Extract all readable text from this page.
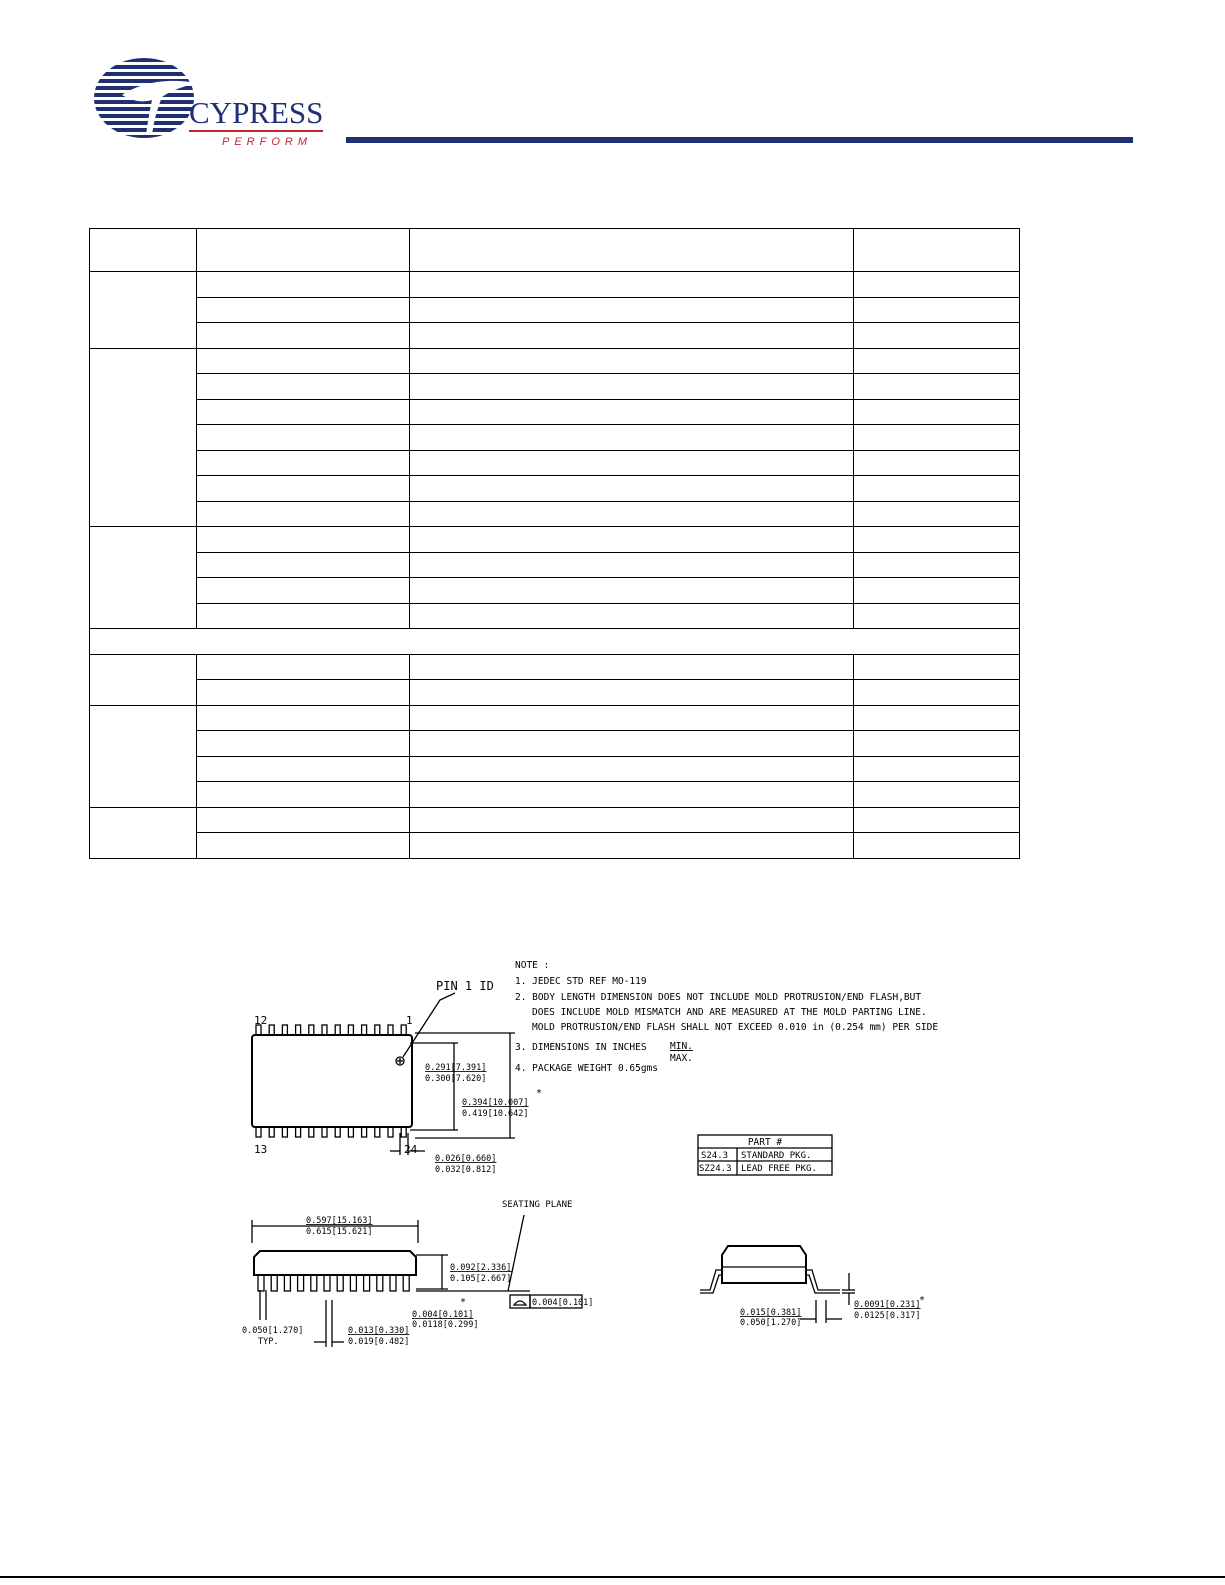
CYPRESS
PERFORM

PIN 1 ID
12	1
13	24
0.291[7.391]
0.300[7.620]
0.394[10.007]
0.419[10.642]
*
0.026[0.660]
0.032[0.812]
NOTE :
1. JEDEC STD REF MO-119
2. BODY LENGTH DIMENSION DOES NOT INCLUDE MOLD PROTRUSION/END FLASH,BUT
DOES INCLUDE MOLD MISMATCH AND ARE MEASURED AT THE MOLD PARTING LINE.
MOLD PROTRUSION/END FLASH SHALL NOT EXCEED 0.010 in (0.254 mm) PER SIDE
3. DIMENSIONS IN INCHES MIN.
MAX.
4. PACKAGE WEIGHT 0.65gms
PART #
S24.3 STANDARD PKG.
SZ24.3 LEAD FREE PKG.
SEATING PLANE
0.597[15.163]
0.615[15.621]
0.092[2.336]
0.105[2.667]
0.004[0.101]
0.0118[0.299]
*	0.004[0.101]
0.050[1.270]
TYP.
0.013[0.330]
0.019[0.482]
0.015[0.381]
0.050[1.270]
0.0091[0.231]
0.0125[0.317]
*
